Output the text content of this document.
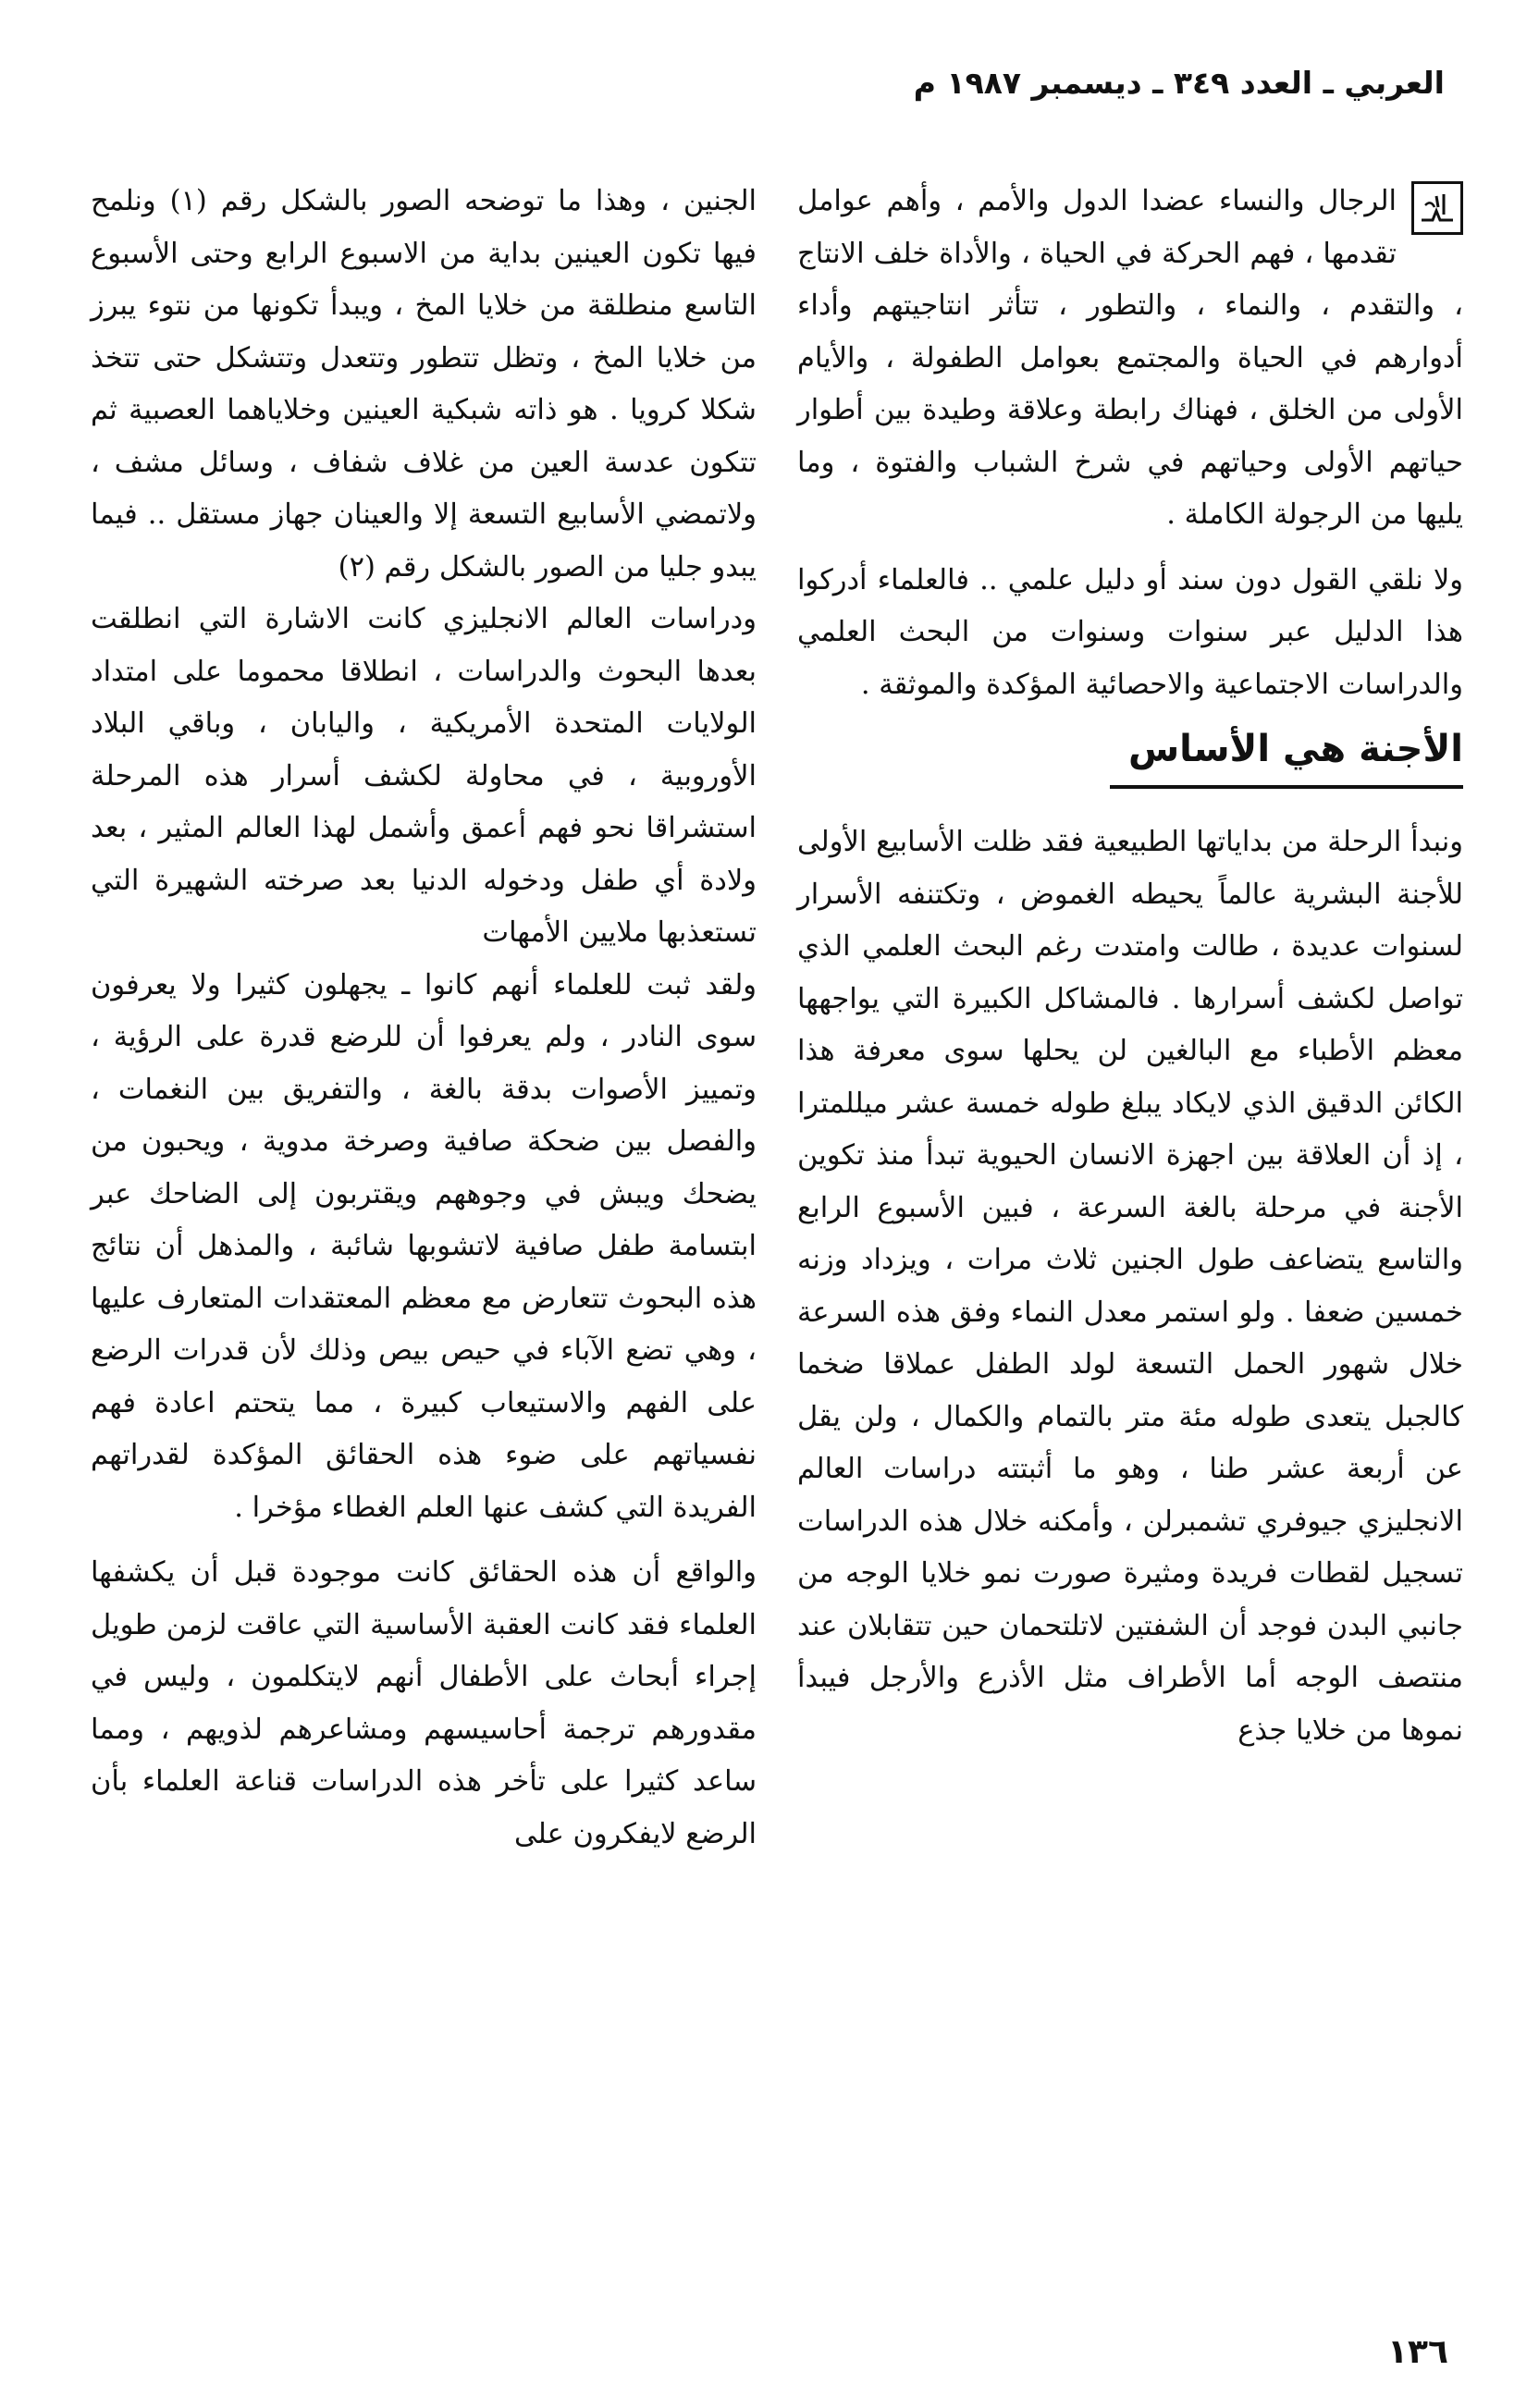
العربي ـ العدد ٣٤٩ ـ ديسمبر ١٩٨٧ م

الرجال والنساء عضدا الدول والأمم ، وأهم عوامل تقدمها ، فهم الحركة في الحياة ، والأداة خلف الانتاج ، والتقدم ، والنماء ، والتطور ، تتأثر انتاجيتهم وأداء أدوارهم في الحياة والمجتمع بعوامل الطفولة ، والأيام الأولى من الخلق ، فهناك رابطة وعلاقة وطيدة بين أطوار حياتهم الأولى وحياتهم في شرخ الشباب والفتوة ، وما يليها من الرجولة الكاملة .

ولا نلقي القول دون سند أو دليل علمي .. فالعلماء أدركوا هذا الدليل عبر سنوات وسنوات من البحث العلمي والدراسات الاجتماعية والاحصائية المؤكدة والموثقة .

الأجنة هي الأساس

ونبدأ الرحلة من بداياتها الطبيعية فقد ظلت الأسابيع الأولى للأجنة البشرية عالماً يحيطه الغموض ، وتكتنفه الأسرار لسنوات عديدة ، طالت وامتدت رغم البحث العلمي الذي تواصل لكشف أسرارها . فالمشاكل الكبيرة التي يواجهها معظم الأطباء مع البالغين لن يحلها سوى معرفة هذا الكائن الدقيق الذي لايكاد يبلغ طوله خمسة عشر ميللمترا ، إذ أن العلاقة بين اجهزة الانسان الحيوية تبدأ منذ تكوين الأجنة في مرحلة بالغة السرعة ، فبين الأسبوع الرابع والتاسع يتضاعف طول الجنين ثلاث مرات ، ويزداد وزنه خمسين ضعفا . ولو استمر معدل النماء وفق هذه السرعة خلال شهور الحمل التسعة لولد الطفل عملاقا ضخما كالجبل يتعدى طوله مئة متر بالتمام والكمال ، ولن يقل عن أربعة عشر طنا ، وهو ما أثبتته دراسات العالم الانجليزي جيوفري تشمبرلن ، وأمكنه خلال هذه الدراسات تسجيل لقطات فريدة ومثيرة صورت نمو خلايا الوجه من جانبي البدن فوجد أن الشفتين لاتلتحمان حين تتقابلان عند منتصف الوجه أما الأطراف مثل الأذرع والأرجل فيبدأ نموها من خلايا جذع

الجنين ، وهذا ما توضحه الصور بالشكل رقم (١) ونلمح فيها تكون العينين بداية من الاسبوع الرابع وحتى الأسبوع التاسع منطلقة من خلايا المخ ، ويبدأ تكونها من نتوء يبرز من خلايا المخ ، وتظل تتطور وتتعدل وتتشكل حتى تتخذ شكلا كرويا . هو ذاته شبكية العينين وخلاياهما العصبية ثم تتكون عدسة العين من غلاف شفاف ، وسائل مشف ، ولاتمضي الأسابيع التسعة إلا والعينان جهاز مستقل .. فيما يبدو جليا من الصور بالشكل رقم (٢)

ودراسات العالم الانجليزي كانت الاشارة التي انطلقت بعدها البحوث والدراسات ، انطلاقا محموما على امتداد الولايات المتحدة الأمريكية ، واليابان ، وباقي البلاد الأوروبية ، في محاولة لكشف أسرار هذه المرحلة استشراقا نحو فهم أعمق وأشمل لهذا العالم المثير ، بعد ولادة أي طفل ودخوله الدنيا بعد صرخته الشهيرة التي تستعذبها ملايين الأمهات

ولقد ثبت للعلماء أنهم كانوا ـ يجهلون كثيرا ولا يعرفون سوى النادر ، ولم يعرفوا أن للرضع قدرة على الرؤية ، وتمييز الأصوات بدقة بالغة ، والتفريق بين النغمات ، والفصل بين ضحكة صافية وصرخة مدوية ، ويحبون من يضحك ويبش في وجوههم ويقتربون إلى الضاحك عبر ابتسامة طفل صافية لاتشوبها شائبة ، والمذهل أن نتائج هذه البحوث تتعارض مع معظم المعتقدات المتعارف عليها ، وهي تضع الآباء في حيص بيص وذلك لأن قدرات الرضع على الفهم والاستيعاب كبيرة ، مما يتحتم اعادة فهم نفسياتهم على ضوء هذه الحقائق المؤكدة لقدراتهم الفريدة التي كشف عنها العلم الغطاء مؤخرا .

والواقع أن هذه الحقائق كانت موجودة قبل أن يكشفها العلماء فقد كانت العقبة الأساسية التي عاقت لزمن طويل إجراء أبحاث على الأطفال أنهم لايتكلمون ، وليس في مقدورهم ترجمة أحاسيسهم ومشاعرهم لذويهم ، ومما ساعد كثيرا على تأخر هذه الدراسات قناعة العلماء بأن الرضع لايفكرون على

١٣٦
